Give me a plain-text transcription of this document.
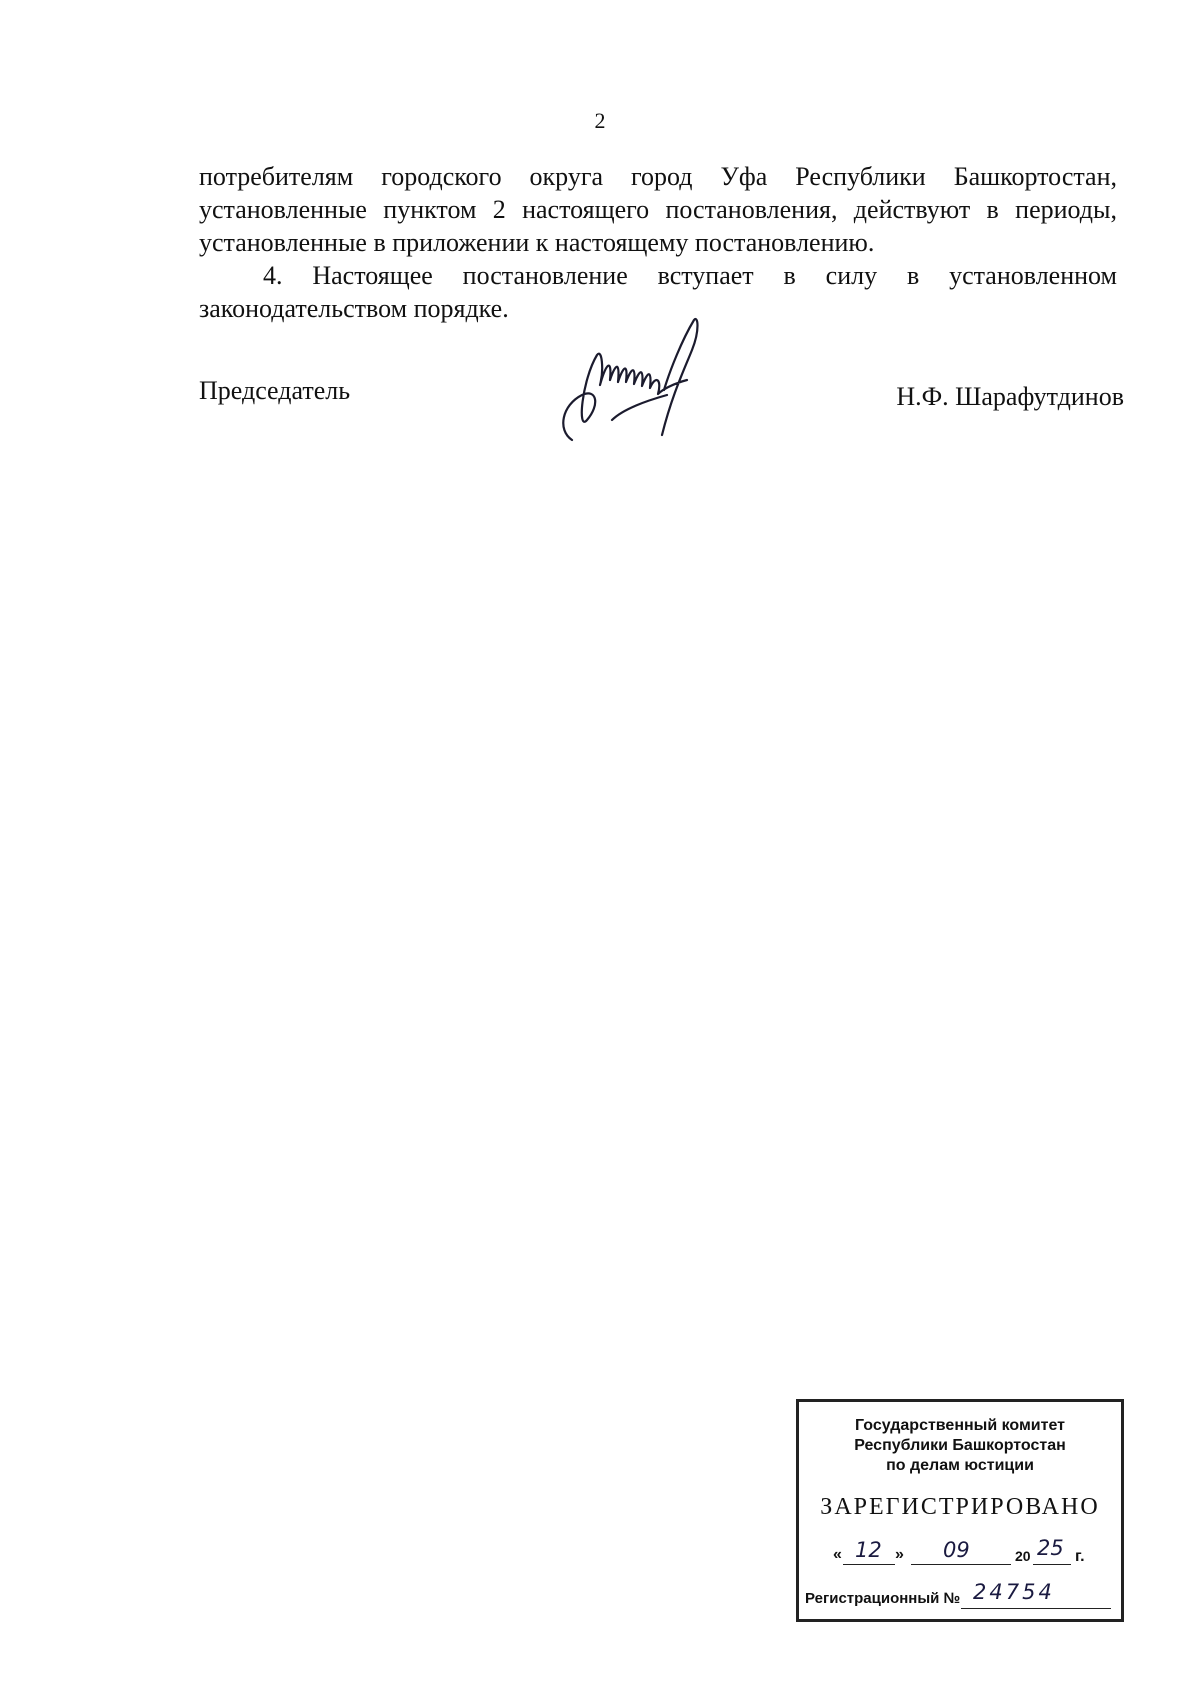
2

потребителям городского округа город Уфа Республики Башкортостан, установленные пунктом 2 настоящего постановления, действуют в периоды, установленные в приложении к настоящему постановлению.

4. Настоящее постановление вступает в силу в установленном законодательством порядке.

Председатель	Н.Ф. Шарафутдинов
Государственный комитет
Республики Башкортостан
по делам юстиции
ЗАРЕГИСТРИРОВАНО
« 12 » 09	20 25 г.
Регистрационный № 24754
